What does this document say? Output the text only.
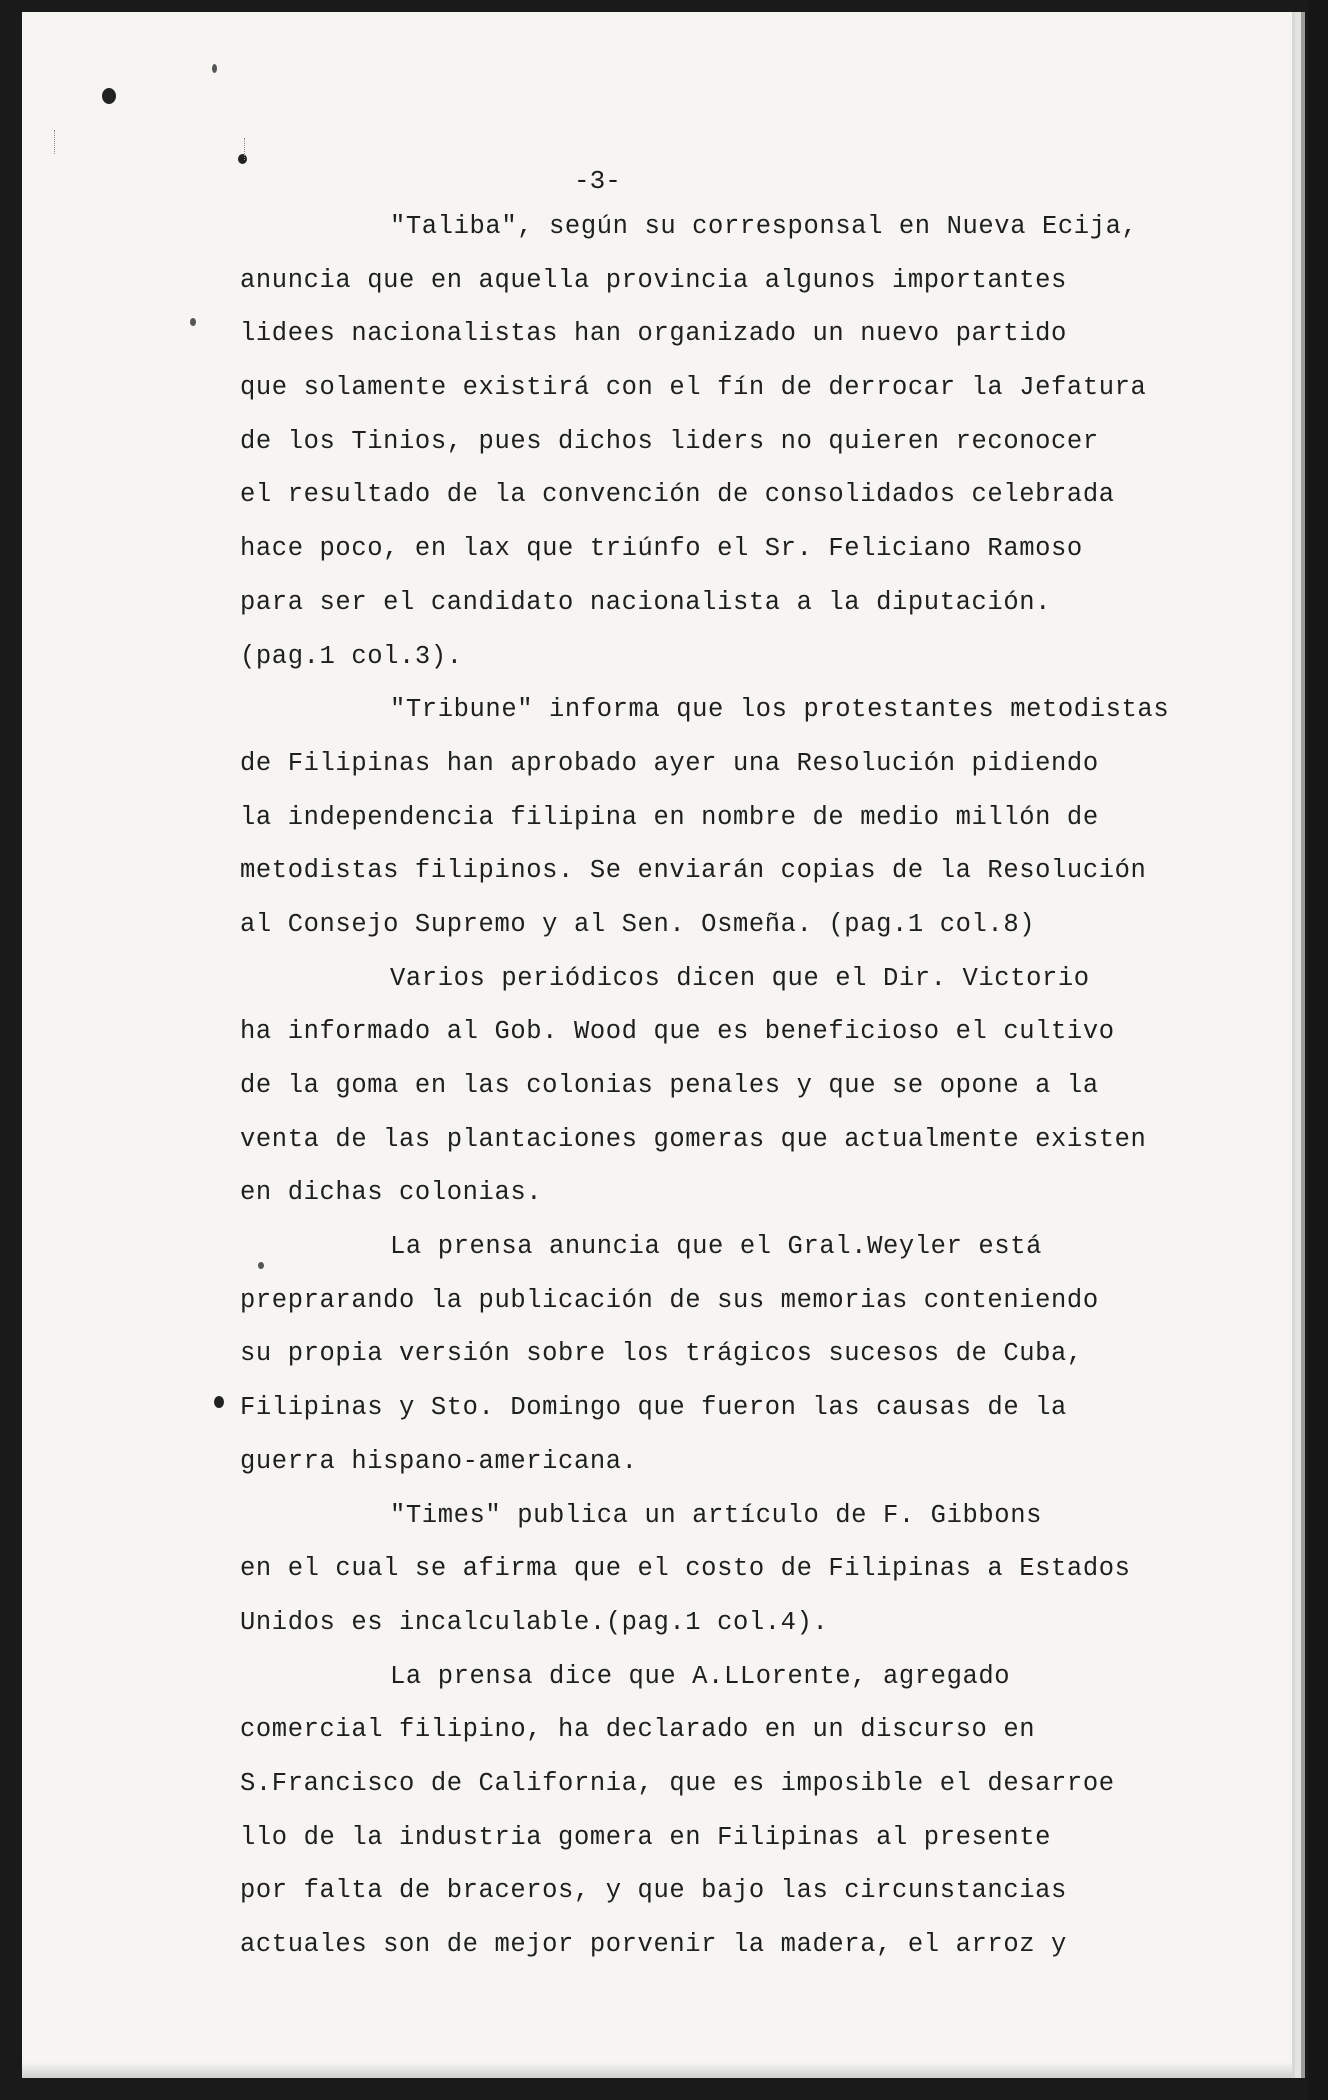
-3-
"Taliba", según su corresponsal en Nueva Ecija,
anuncia que en aquella provincia algunos importantes
lidees nacionalistas han organizado un nuevo partido
que solamente existirá con el fín de derrocar la Jefatura
de los Tinios, pues dichos liders no quieren reconocer
el resultado de la convención de consolidados celebrada
hace poco, en lax que triúnfo el Sr. Feliciano Ramoso
para ser el candidato nacionalista a la diputación.
(pag.1 col.3).
"Tribune" informa que los protestantes metodistas
de Filipinas han aprobado ayer una Resolución pidiendo
la independencia filipina en nombre de medio millón de
metodistas filipinos. Se enviarán copias de la Resolución
al Consejo Supremo y al Sen. Osmeña. (pag.1 col.8)
Varios periódicos dicen que el Dir. Victorio
ha informado al Gob. Wood que es beneficioso el cultivo
de la goma en las colonias penales y que se opone a la
venta de las plantaciones gomeras que actualmente existen
en dichas colonias.
La prensa anuncia que el Gral.Weyler está
preprarando la publicación de sus memorias conteniendo
su propia versión sobre los trágicos sucesos de Cuba,
Filipinas y Sto. Domingo que fueron las causas de la
guerra hispano-americana.
"Times" publica un artículo de F. Gibbons
en el cual se afirma que el costo de Filipinas a Estados
Unidos es incalculable.(pag.1 col.4).
La prensa dice que A.LLorente, agregado
comercial filipino, ha declarado en un discurso en
S.Francisco de California, que es imposible el desarroe
llo de la industria gomera en Filipinas al presente
por falta de braceros, y que bajo las circunstancias
actuales son de mejor porvenir la madera, el arroz y
